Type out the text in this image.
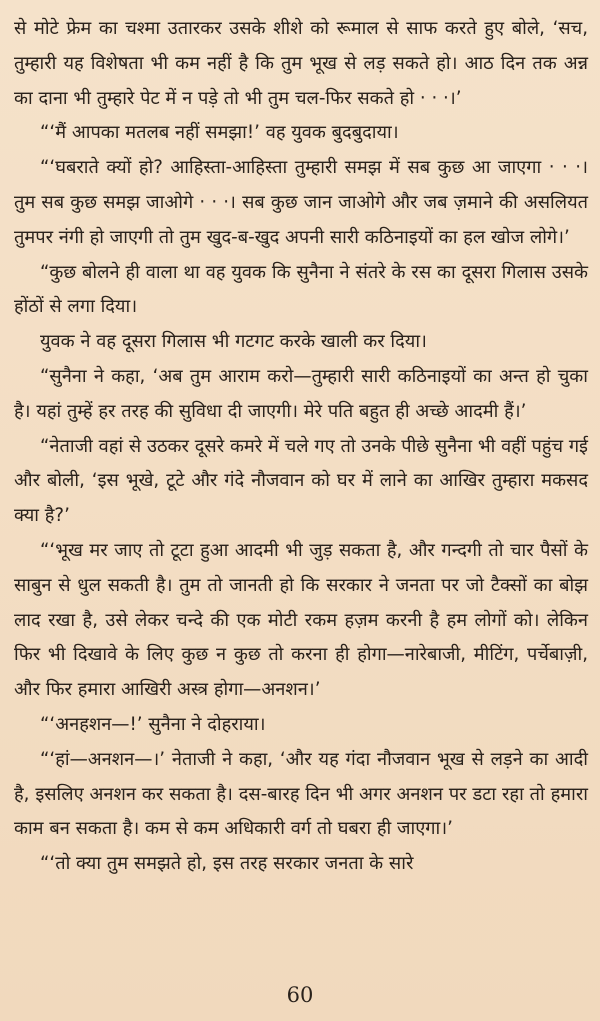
से मोटे फ्रेम का चश्मा उतारकर उसके शीशे को रूमाल से साफ करते हुए बोले, ‘सच, तुम्हारी यह विशेषता भी कम नहीं है कि तुम भूख से लड़ सकते हो। आठ दिन तक अन्न का दाना भी तुम्हारे पेट में न पड़े तो भी तुम चल-फिर सकते हो · · ·।’

“‘मैं आपका मतलब नहीं समझा!’ वह युवक बुदबुदाया।

“‘घबराते क्यों हो? आहिस्ता-आहिस्ता तुम्हारी समझ में सब कुछ आ जाएगा · · ·। तुम सब कुछ समझ जाओगे · · ·। सब कुछ जान जाओगे और जब ज़माने की असलियत तुमपर नंगी हो जाएगी तो तुम खुद-ब-खुद अपनी सारी कठिनाइयों का हल खोज लोगे।’

“कुछ बोलने ही वाला था वह युवक कि सुनैना ने संतरे के रस का दूसरा गिलास उसके होंठों से लगा दिया।

युवक ने वह दूसरा गिलास भी गटगट करके खाली कर दिया।

“सुनैना ने कहा, ‘अब तुम आराम करो—तुम्हारी सारी कठिनाइयों का अन्त हो चुका है। यहां तुम्हें हर तरह की सुविधा दी जाएगी। मेरे पति बहुत ही अच्छे आदमी हैं।’

“नेताजी वहां से उठकर दूसरे कमरे में चले गए तो उनके पीछे सुनैना भी वहीं पहुंच गई और बोली, ‘इस भूखे, टूटे और गंदे नौजवान को घर में लाने का आखिर तुम्हारा मकसद क्या है?’

“‘भूख मर जाए तो टूटा हुआ आदमी भी जुड़ सकता है, और गन्दगी तो चार पैसों के साबुन से धुल सकती है। तुम तो जानती हो कि सरकार ने जनता पर जो टैक्सों का बोझ लाद रखा है, उसे लेकर चन्दे की एक मोटी रकम हज़म करनी है हम लोगों को। लेकिन फिर भी दिखावे के लिए कुछ न कुछ तो करना ही होगा—नारेबाजी, मीटिंग, पर्चेबाज़ी, और फिर हमारा आखिरी अस्त्र होगा—अनशन।’

“‘अनहशन—!’ सुनैना ने दोहराया।

“‘हां—अनशन—।’ नेताजी ने कहा, ‘और यह गंदा नौजवान भूख से लड़ने का आदी है, इसलिए अनशन कर सकता है। दस-बारह दिन भी अगर अनशन पर डटा रहा तो हमारा काम बन सकता है। कम से कम अधिकारी वर्ग तो घबरा ही जाएगा।’

“‘तो क्या तुम समझते हो, इस तरह सरकार जनता के सारे

60
